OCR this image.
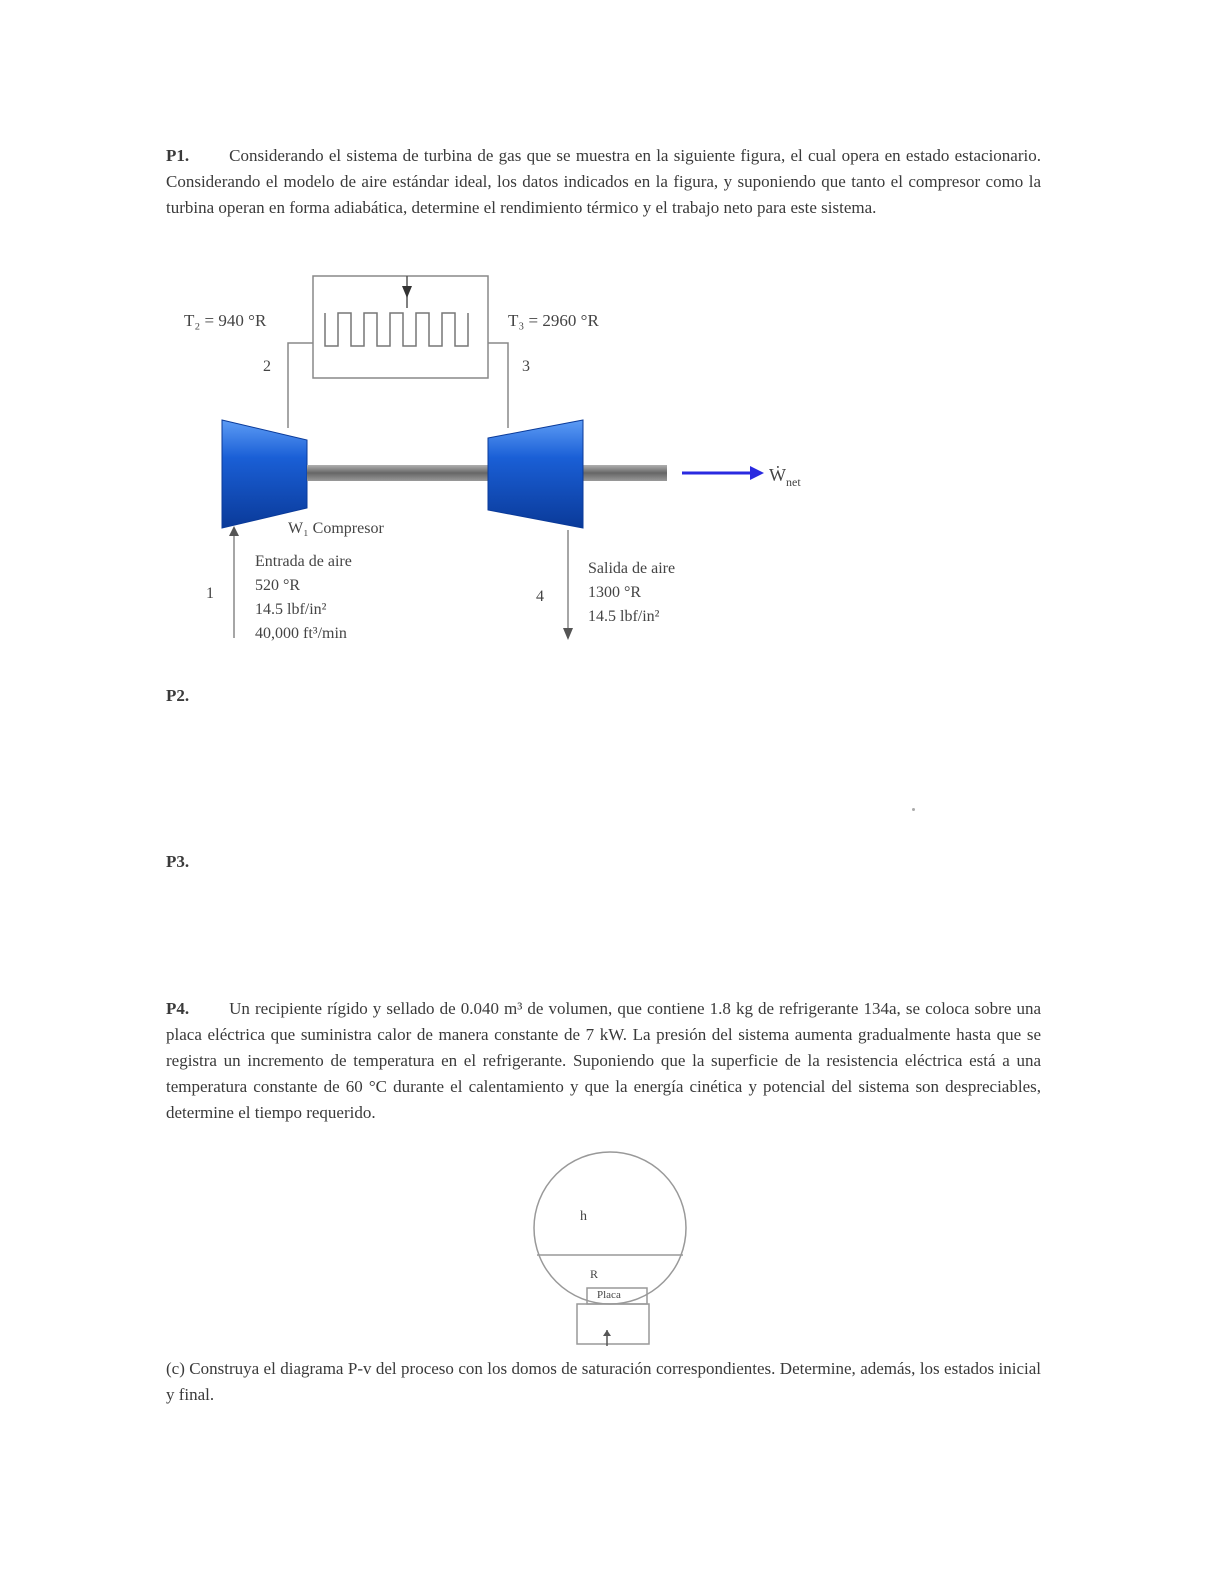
P1. Considerando el sistema de turbina de gas que se muestra en la siguiente figura, el cual opera en estado estacionario. Considerando el modelo de aire estándar ideal, los datos indicados en la figura, y suponiendo que tanto el compresor como la turbina operan en forma adiabática, determine el rendimiento térmico y el trabajo neto para este sistema.
T₂ = 940 °R	T₃ = 2960 °R
2	3
Ẇ$_{net}$
W₁ Compresor
1
Entrada de aire
520 °R
14.5 lbf/in²
40,000 ft³/min
4
Salida de aire
1300 °R
14.5 lbf/in²
P2.
P3.
P4. Un recipiente rígido y sellado de 0.040 m³ de volumen, que contiene 1.8 kg de refrigerante 134a, se coloca sobre una placa eléctrica que suministra calor de manera constante de 7 kW. La presión del sistema aumenta gradualmente hasta que se registra un incremento de temperatura en el refrigerante. Suponiendo que la superficie de la resistencia eléctrica está a una temperatura constante de 60 °C durante el calentamiento y que la energía cinética y potencial del sistema son despreciables, determine el tiempo requerido.
h
R
Placa
(c) Construya el diagrama P-v del proceso con los domos de saturación correspondientes. Determine, además, los estados inicial y final.
